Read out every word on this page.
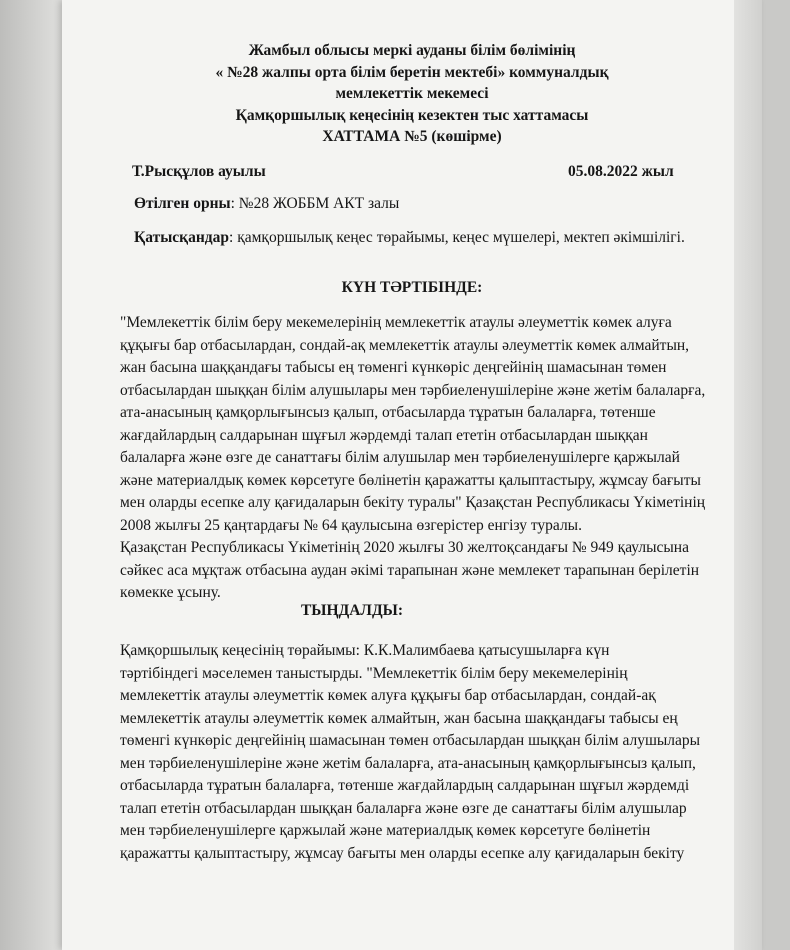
Жамбыл облысы меркі ауданы білім бөлімінің
« №28 жалпы орта білім беретін мектебі» коммуналдық
мемлекеттік мекемесі
Қамқоршылық кеңесінің кезектен тыс хаттамасы
ХАТТАМА №5 (көшірме)
Т.Рысқұлов ауылы	05.08.2022 жыл
Өтілген орны: №28 ЖОББМ АКТ залы
Қатысқандар: қамқоршылық кеңес төрайымы, кеңес мүшелері, мектеп әкімшілігі.
КҮН ТӘРТІБІНДЕ:
"Мемлекеттік білім беру мекемелерінің мемлекеттік атаулы әлеуметтік көмек алуға
құқығы бар отбасылардан, сондай-ақ мемлекеттік атаулы әлеуметтік көмек алмайтын,
жан басына шаққандағы табысы ең төменгі күнкөріс деңгейінің шамасынан төмен
отбасылардан шыққан білім алушылары мен тәрбиеленушілеріне және жетім балаларға,
ата-анасының қамқорлығынсыз қалып, отбасыларда тұратын балаларға, төтенше
жағдайлардың салдарынан шұғыл жәрдемді талап ететін отбасылардан шыққан
балаларға және өзге де санаттағы білім алушылар мен тәрбиеленушілерге қаржылай
және материалдық көмек көрсетуге бөлінетін қаражатты қалыптастыру, жұмсау бағыты
мен оларды есепке алу қағидаларын бекіту туралы" Қазақстан Республикасы Үкіметінің
2008 жылғы 25 қаңтардағы № 64 қаулысына өзгерістер енгізу туралы.
Қазақстан Республикасы Үкіметінің 2020 жылғы 30 желтоқсандағы № 949 қаулысына
сәйкес аса мұқтаж отбасына аудан әкімі тарапынан және мемлекет тарапынан берілетін
көмекке ұсыну.
ТЫҢДАЛДЫ:
Қамқоршылық кеңесінің төрайымы: К.К.Малимбаева қатысушыларға күн
тәртібіндегі мәселемен таныстырды. "Мемлекеттік білім беру мекемелерінің
мемлекеттік атаулы әлеуметтік көмек алуға құқығы бар отбасылардан, сондай-ақ
мемлекеттік атаулы әлеуметтік көмек алмайтын, жан басына шаққандағы табысы ең
төменгі күнкөріс деңгейінің шамасынан төмен отбасылардан шыққан білім алушылары
мен тәрбиеленушілеріне және жетім балаларға, ата-анасының қамқорлығынсыз қалып,
отбасыларда тұратын балаларға, төтенше жағдайлардың салдарынан шұғыл жәрдемді
талап ететін отбасылардан шыққан балаларға және өзге де санаттағы білім алушылар
мен тәрбиеленушілерге қаржылай және материалдық көмек көрсетуге бөлінетін
қаражатты қалыптастыру, жұмсау бағыты мен оларды есепке алу қағидаларын бекіту
